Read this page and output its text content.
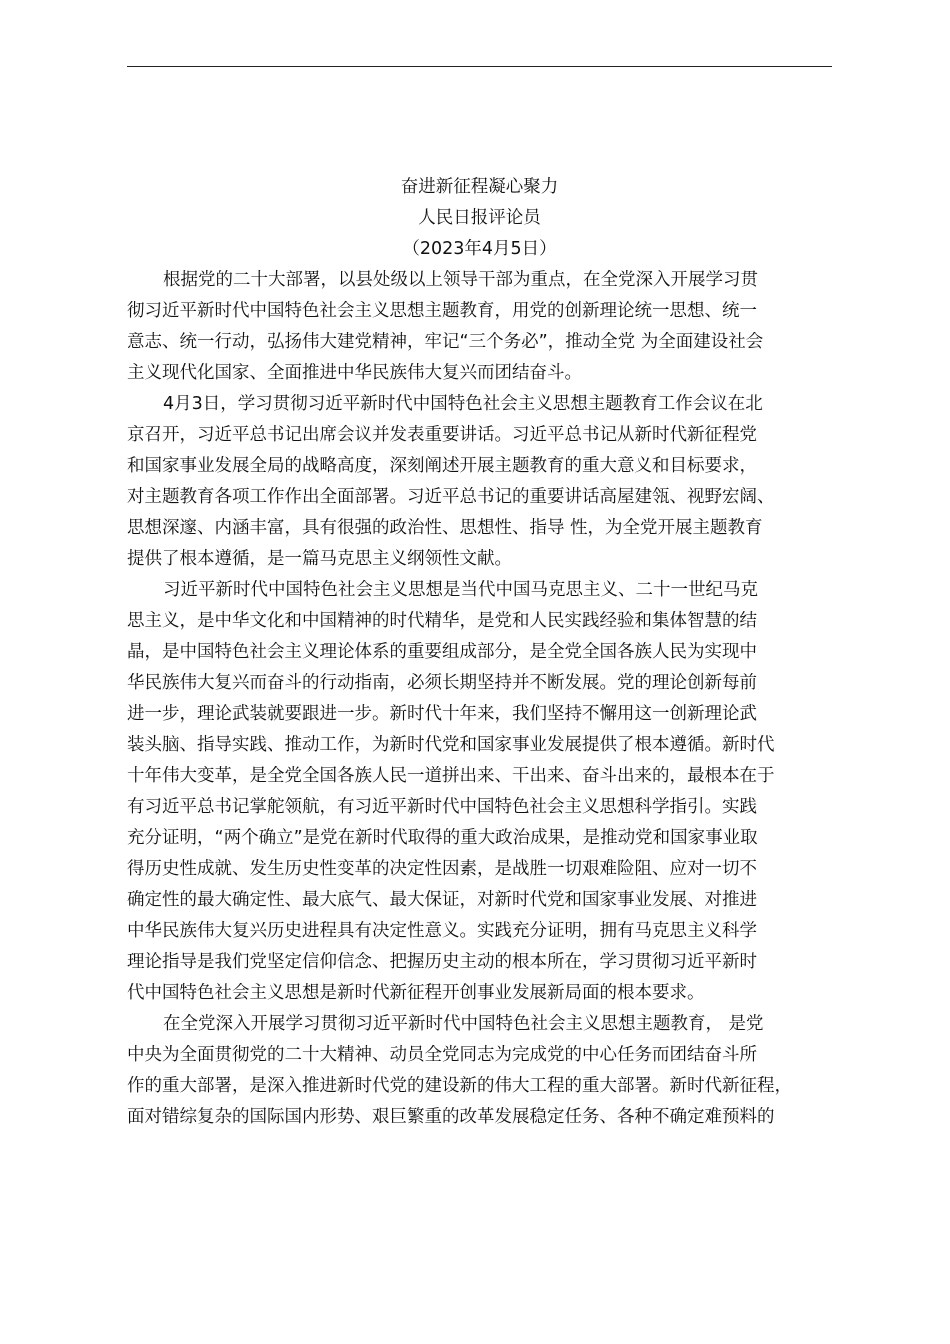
奋进新征程凝心聚力
人民日报评论员
（2023年4月5日）
根据党的二十大部署，以县处级以上领导干部为重点，在全党深入开展学习贯
彻习近平新时代中国特色社会主义思想主题教育，用党的创新理论统一思想、统一
意志、统一行动，弘扬伟大建党精神，牢记“三个务必”，推动全党 为全面建设社会
主义现代化国家、全面推进中华民族伟大复兴而团结奋斗。
4月3日，学习贯彻习近平新时代中国特色社会主义思想主题教育工作会议在北
京召开，习近平总书记出席会议并发表重要讲话。习近平总书记从新时代新征程党
和国家事业发展全局的战略高度，深刻阐述开展主题教育的重大意义和目标要求，
对主题教育各项工作作出全面部署。习近平总书记的重要讲话高屋建瓴、视野宏阔、
思想深邃、内涵丰富，具有很强的政治性、思想性、指导 性，为全党开展主题教育
提供了根本遵循，是一篇马克思主义纲领性文献。
习近平新时代中国特色社会主义思想是当代中国马克思主义、二十一世纪马克
思主义，是中华文化和中国精神的时代精华，是党和人民实践经验和集体智慧的结
晶，是中国特色社会主义理论体系的重要组成部分，是全党全国各族人民为实现中
华民族伟大复兴而奋斗的行动指南，必须长期坚持并不断发展。党的理论创新每前
进一步，理论武装就要跟进一步。新时代十年来，我们坚持不懈用这一创新理论武
装头脑、指导实践、推动工作，为新时代党和国家事业发展提供了根本遵循。新时代
十年伟大变革，是全党全国各族人民一道拼出来、干出来、奋斗出来的，最根本在于
有习近平总书记掌舵领航，有习近平新时代中国特色社会主义思想科学指引。实践
充分证明，“两个确立”是党在新时代取得的重大政治成果，是推动党和国家事业取
得历史性成就、发生历史性变革的决定性因素，是战胜一切艰难险阻、应对一切不
确定性的最大确定性、最大底气、最大保证，对新时代党和国家事业发展、对推进
中华民族伟大复兴历史进程具有决定性意义。实践充分证明，拥有马克思主义科学
理论指导是我们党坚定信仰信念、把握历史主动的根本所在，学习贯彻习近平新时
代中国特色社会主义思想是新时代新征程开创事业发展新局面的根本要求。
在全党深入开展学习贯彻习近平新时代中国特色社会主义思想主题教育， 是党
中央为全面贯彻党的二十大精神、动员全党同志为完成党的中心任务而团结奋斗所
作的重大部署，是深入推进新时代党的建设新的伟大工程的重大部署。新时代新征程，
面对错综复杂的国际国内形势、艰巨繁重的改革发展稳定任务、各种不确定难预料的
